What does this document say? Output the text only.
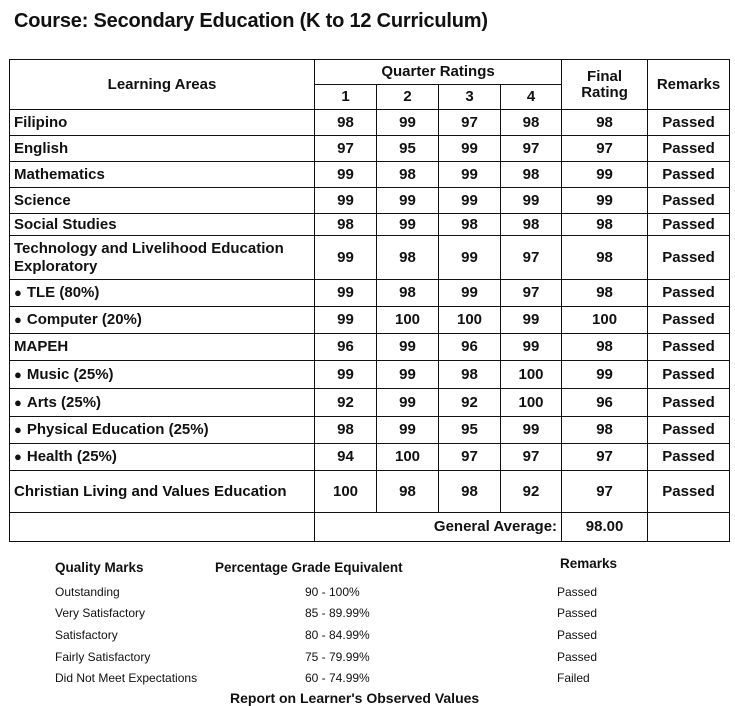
Course: Secondary Education (K to 12 Curriculum)
Learning Areas	Quarter Ratings				Final
Rating	Remarks
	1	2	3	4		
Filipino	98	99	97	98	98	Passed
English	97	95	99	97	97	Passed
Mathematics	99	98	99	98	99	Passed
Science	99	99	99	99	99	Passed
Social Studies	98	99	98	98	98	Passed
Technology and Livelihood Education Exploratory	99	98	99	97	98	Passed
● TLE (80%)	99	98	99	97	98	Passed
● Computer (20%)	99	100	100	99	100	Passed
MAPEH	96	99	96	99	98	Passed
● Music (25%)	99	99	98	100	99	Passed
● Arts (25%)	92	99	92	100	96	Passed
● Physical Education (25%)	98	99	95	99	98	Passed
● Health (25%)	94	100	97	97	97	Passed
Christian Living and Values Education	100	98	98	92	97	Passed
	General Average:				98.00	
Quality Marks	Percentage Grade Equivalent	Remarks
Outstanding	90 - 100%	Passed
Very Satisfactory	85 - 89.99%	Passed
Satisfactory	80 - 84.99%	Passed
Fairly Satisfactory	75 - 79.99%	Passed
Did Not Meet Expectations	60 - 74.99%	Failed
Report on Learner's Observed Values
